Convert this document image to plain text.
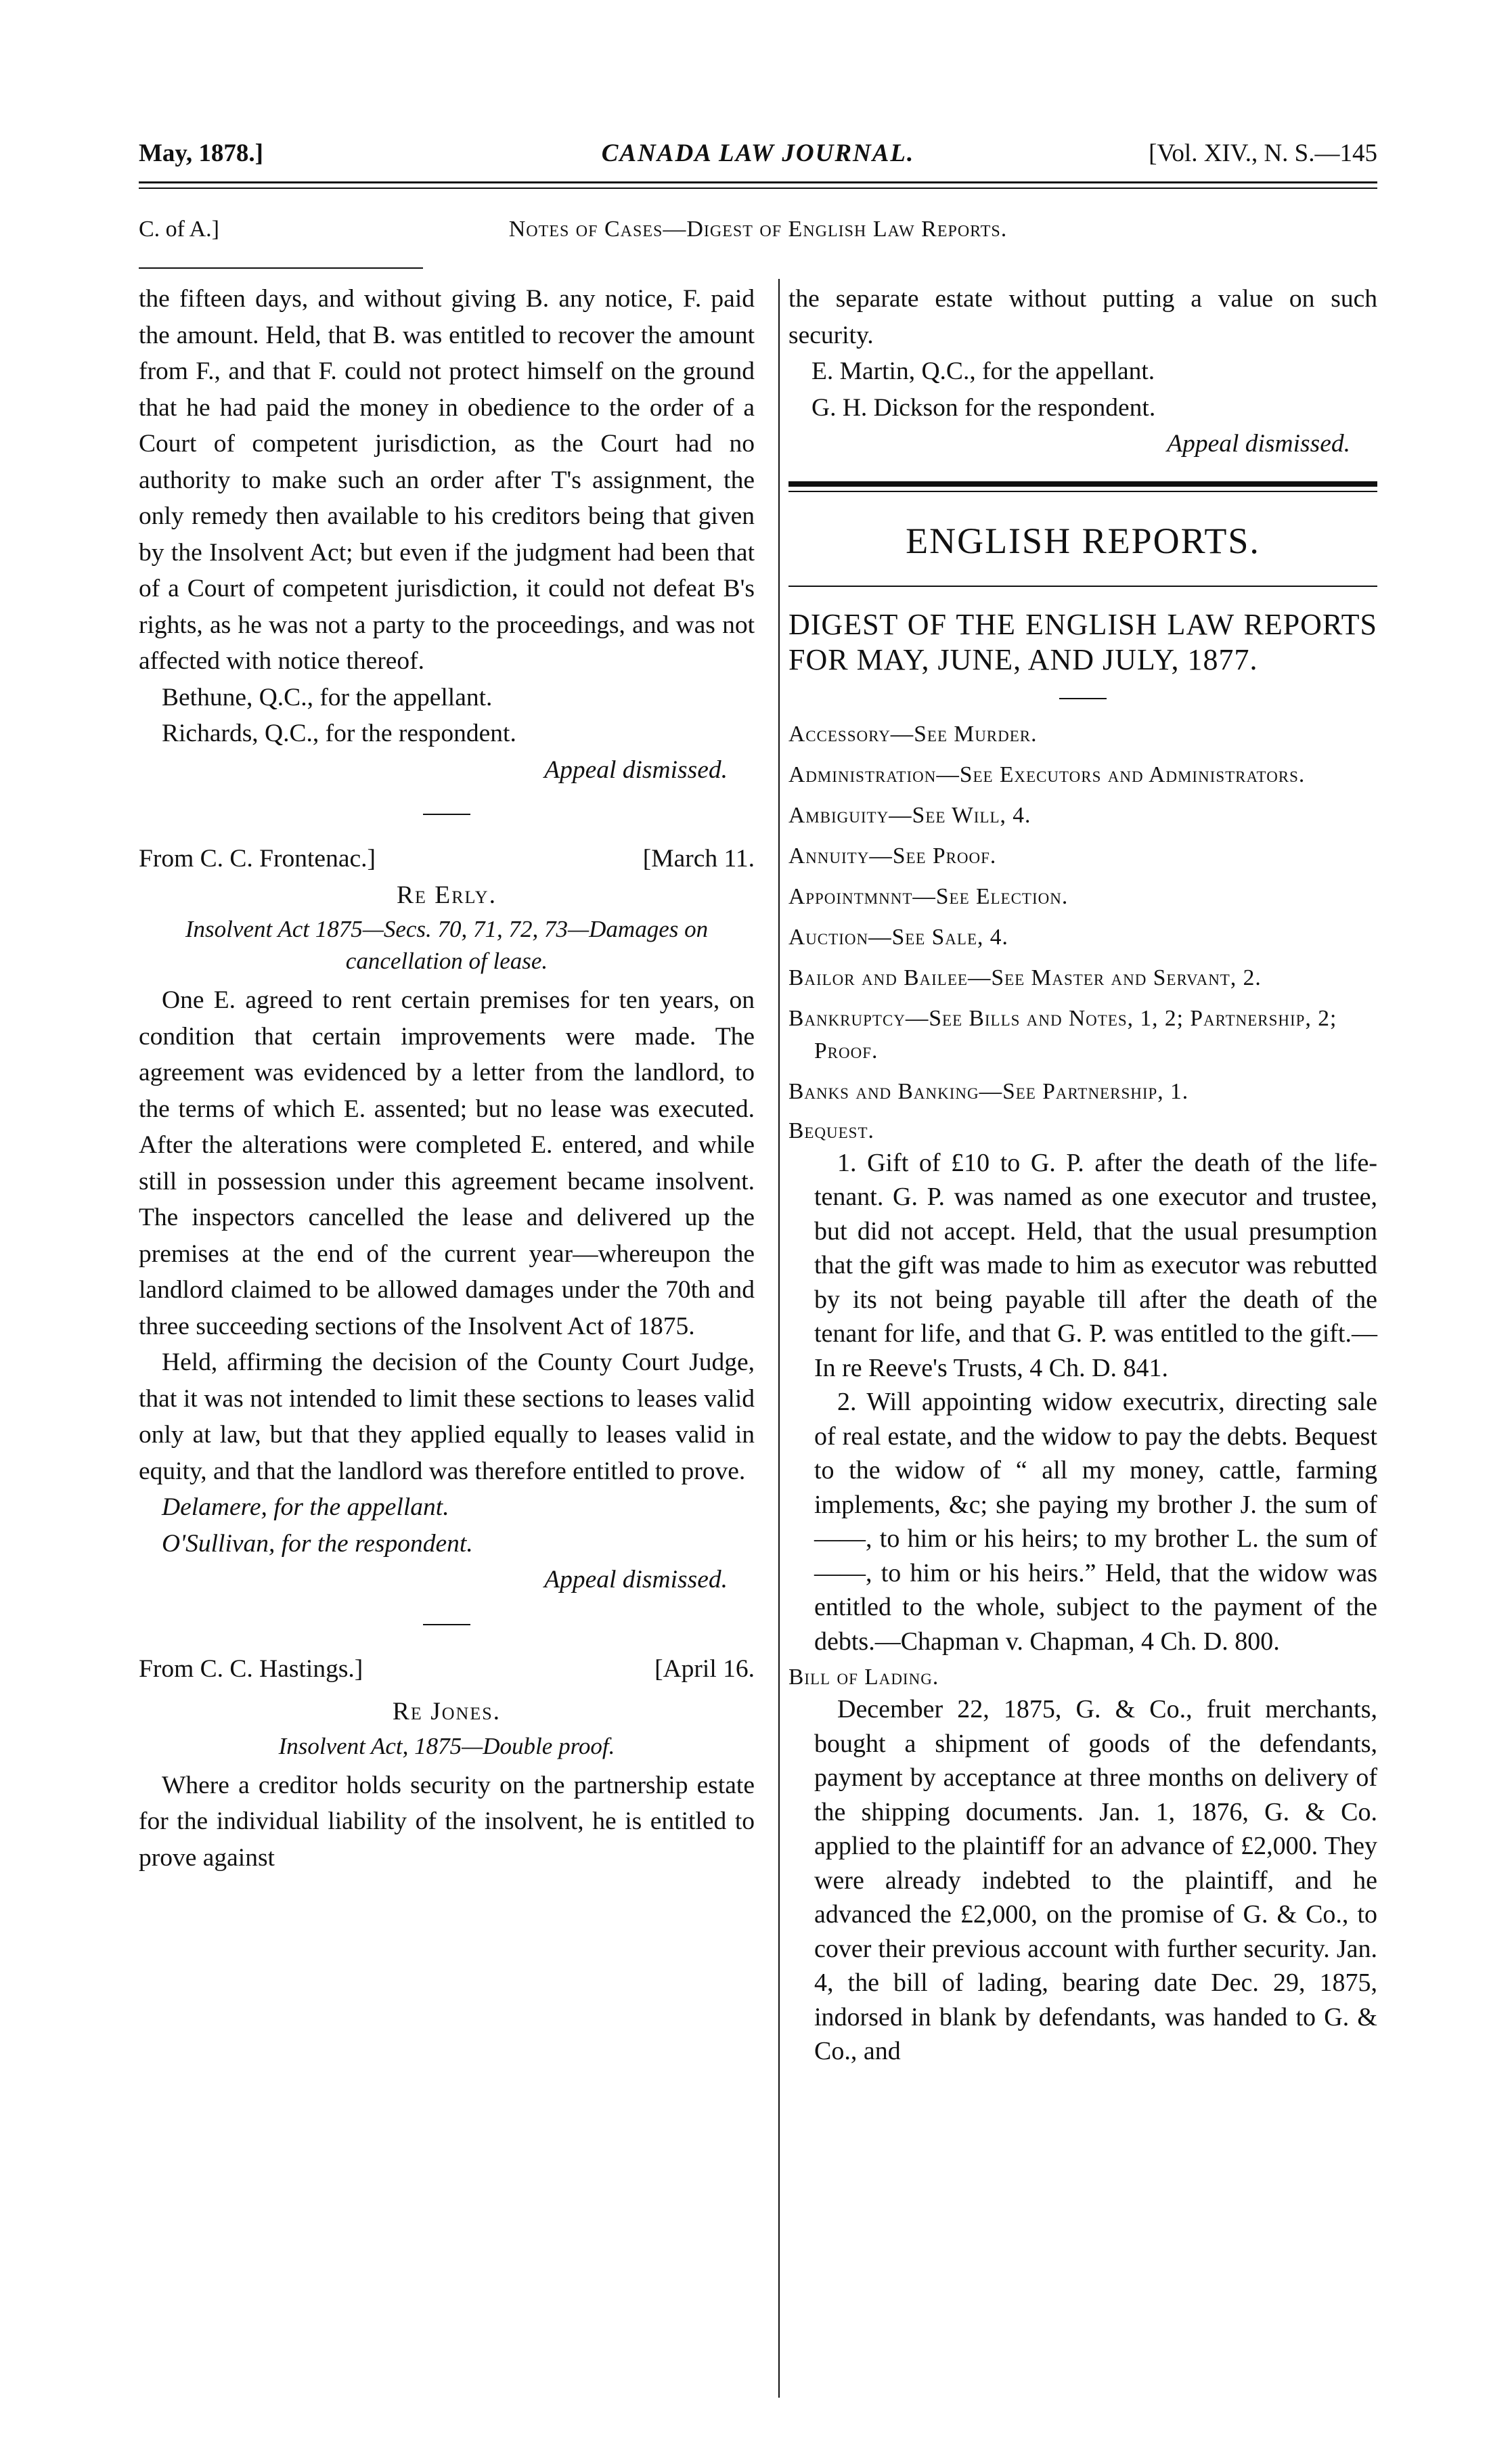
May, 1878.]	CANADA LAW JOURNAL.	[Vol. XIV., N. S.—145
C. of A.]	Notes of Cases—Digest of English Law Reports.

the fifteen days, and without giving B. any notice, F. paid the amount. Held, that B. was entitled to recover the amount from F., and that F. could not protect himself on the ground that he had paid the money in obedience to the order of a Court of competent jurisdiction, as the Court had no authority to make such an order after T's assignment, the only remedy then available to his creditors being that given by the Insolvent Act; but even if the judgment had been that of a Court of competent jurisdiction, it could not defeat B's rights, as he was not a party to the proceedings, and was not affected with notice thereof.

Bethune, Q.C., for the appellant.

Richards, Q.C., for the respondent.

Appeal dismissed.

From C. C. Frontenac.]	[March 11.

Re Erly.

Insolvent Act 1875—Secs. 70, 71, 72, 73—Damages on cancellation of lease.

One E. agreed to rent certain premises for ten years, on condition that certain improvements were made. The agreement was evidenced by a letter from the landlord, to the terms of which E. assented; but no lease was executed. After the alterations were completed E. entered, and while still in possession under this agreement became insolvent. The inspectors cancelled the lease and delivered up the premises at the end of the current year—whereupon the landlord claimed to be allowed damages under the 70th and three succeeding sections of the Insolvent Act of 1875.

Held, affirming the decision of the County Court Judge, that it was not intended to limit these sections to leases valid only at law, but that they applied equally to leases valid in equity, and that the landlord was therefore entitled to prove.

Delamere, for the appellant.

O'Sullivan, for the respondent.

Appeal dismissed.

From C. C. Hastings.]	[April 16.

Re Jones.

Insolvent Act, 1875—Double proof.

Where a creditor holds security on the partnership estate for the individual liability of the insolvent, he is entitled to prove against

the separate estate without putting a value on such security.

E. Martin, Q.C., for the appellant.

G. H. Dickson for the respondent.

Appeal dismissed.

ENGLISH REPORTS.
DIGEST OF THE ENGLISH LAW REPORTS FOR MAY, JUNE, AND JULY, 1877.

Accessory—See Murder.

Administration—See Executors and Administrators.

Ambiguity—See Will, 4.

Annuity—See Proof.

Appointmnnt—See Election.

Auction—See Sale, 4.

Bailor and Bailee—See Master and Servant, 2.

Bankruptcy—See Bills and Notes, 1, 2; Partnership, 2; Proof.

Banks and Banking—See Partnership, 1.

Bequest.

1. Gift of £10 to G. P. after the death of the life-tenant. G. P. was named as one executor and trustee, but did not accept. Held, that the usual presumption that the gift was made to him as executor was rebutted by its not being payable till after the death of the tenant for life, and that G. P. was entitled to the gift.—In re Reeve's Trusts, 4 Ch. D. 841.

2. Will appointing widow executrix, directing sale of real estate, and the widow to pay the debts. Bequest to the widow of “ all my money, cattle, farming implements, &c; she paying my brother J. the sum of ——, to him or his heirs; to my brother L. the sum of ——, to him or his heirs.” Held, that the widow was entitled to the whole, subject to the payment of the debts.—Chapman v. Chapman, 4 Ch. D. 800.

Bill of Lading.

December 22, 1875, G. & Co., fruit merchants, bought a shipment of goods of the defendants, payment by acceptance at three months on delivery of the shipping documents. Jan. 1, 1876, G. & Co. applied to the plaintiff for an advance of £2,000. They were already indebted to the plaintiff, and he advanced the £2,000, on the promise of G. & Co., to cover their previous account with further security. Jan. 4, the bill of lading, bearing date Dec. 29, 1875, indorsed in blank by defendants, was handed to G. & Co., and
